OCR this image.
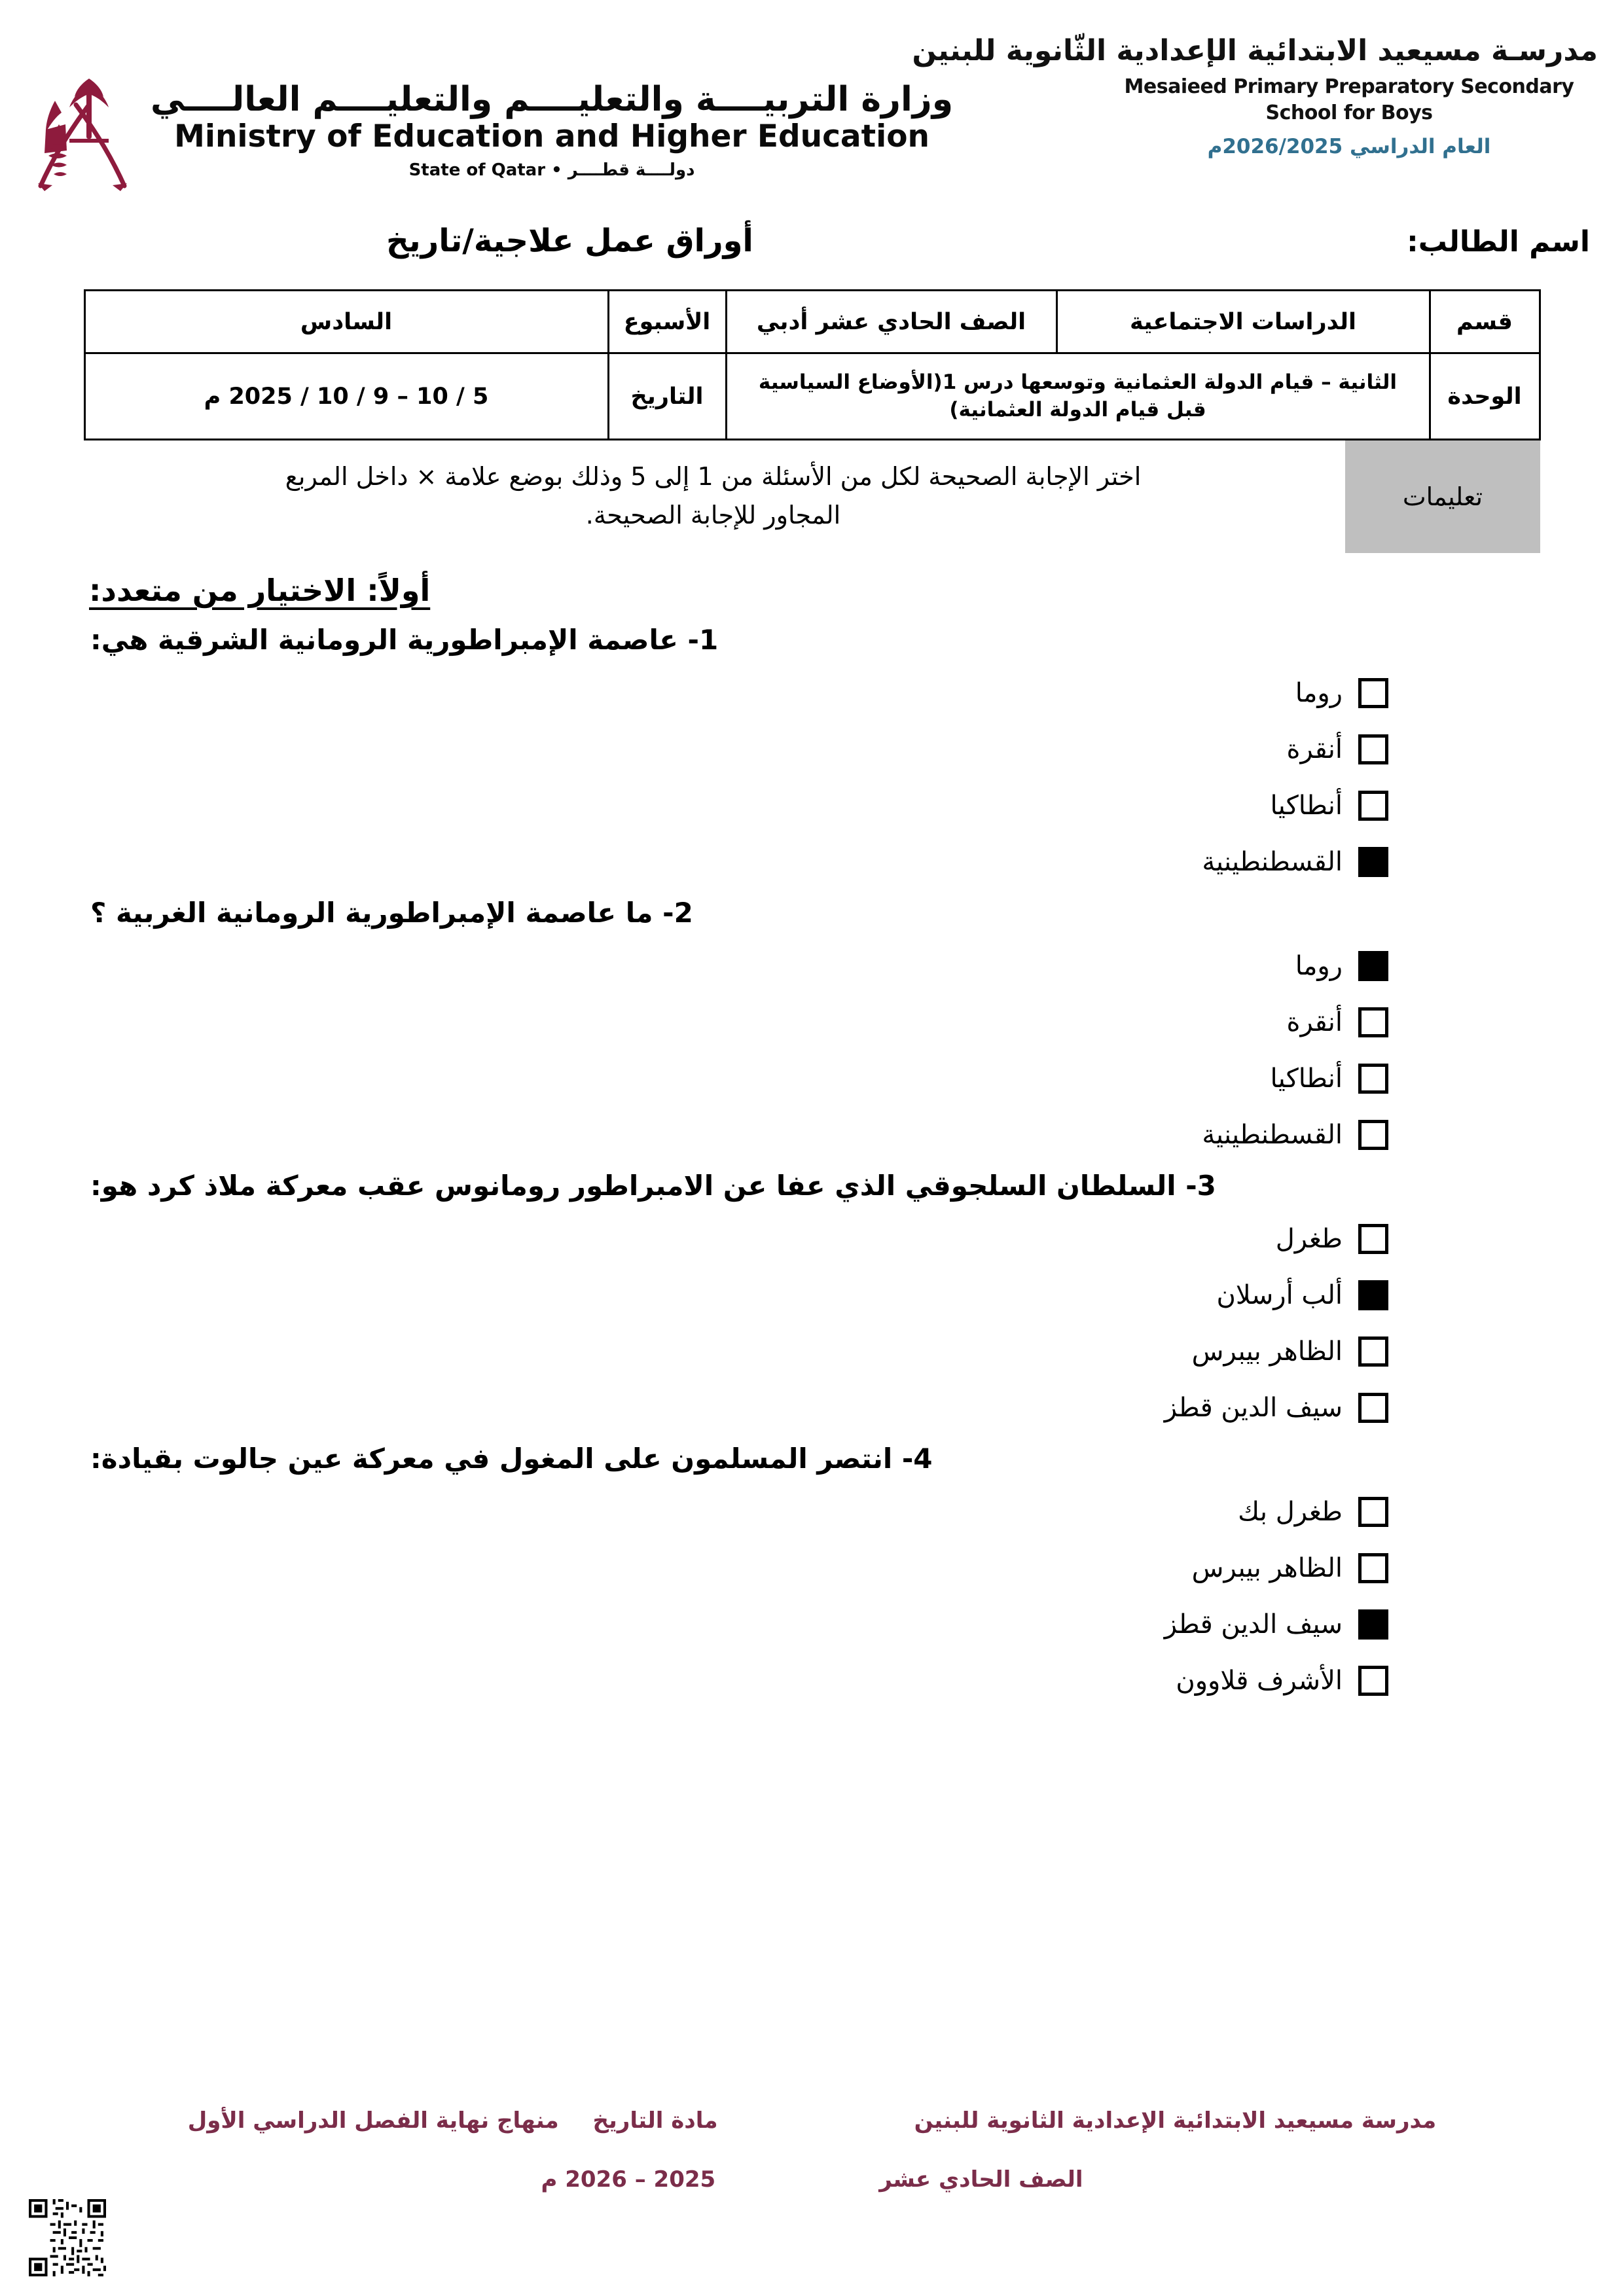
وزارة التربيــــة والتعليــــم والتعليــــم العالــــي
Ministry of Education and Higher Education
دولــــة قطــــر • State of Qatar
مدرسـة مسيعيد الابتدائية الإعدادية الثّانوية للبنين
Mesaieed Primary Preparatory Secondary
School for Boys
العام الدراسي 2026/2025م
اسم الطالب:
أوراق عمل علاجية/تاريخ
قسم	الدراسات الاجتماعية	الصف الحادي عشر أدبي	الأسبوع	السادس
الوحدة	الثانية – قيام الدولة العثمانية وتوسعها درس 1(الأوضاع السياسية
قبل قيام الدولة العثمانية)		التاريخ	5 / 10 – 9 / 10 / 2025 م
تعليمات
اختر الإجابة الصحيحة لكل من الأسئلة من 1 إلى 5 وذلك بوضع علامة × داخل المربع
المجاور للإجابة الصحيحة.
أولاً: الاختيار من متعدد:
1- عاصمة الإمبراطورية الرومانية الشرقية هي:
روما
أنقرة
أنطاكيا
القسطنطينية
2- ما عاصمة الإمبراطورية الرومانية الغربية ؟
روما
أنقرة
أنطاكيا
القسطنطينية
3- السلطان السلجوقي الذي عفا عن الامبراطور رومانوس عقب معركة ملاذ كرد هو:
طغرل
ألب أرسلان
الظاهر بيبرس
سيف الدين قطز
4- انتصر المسلمون على المغول في معركة عين جالوت بقيادة:
طغرل بك
الظاهر بيبرس
سيف الدين قطز
الأشرف قلاوون
مدرسة مسيعيد الابتدائية الإعدادية الثانوية للبنين
مادة التاريخ منهاج نهاية الفصل الدراسي الأول
الصف الحادي عشر
2025 – 2026 م
